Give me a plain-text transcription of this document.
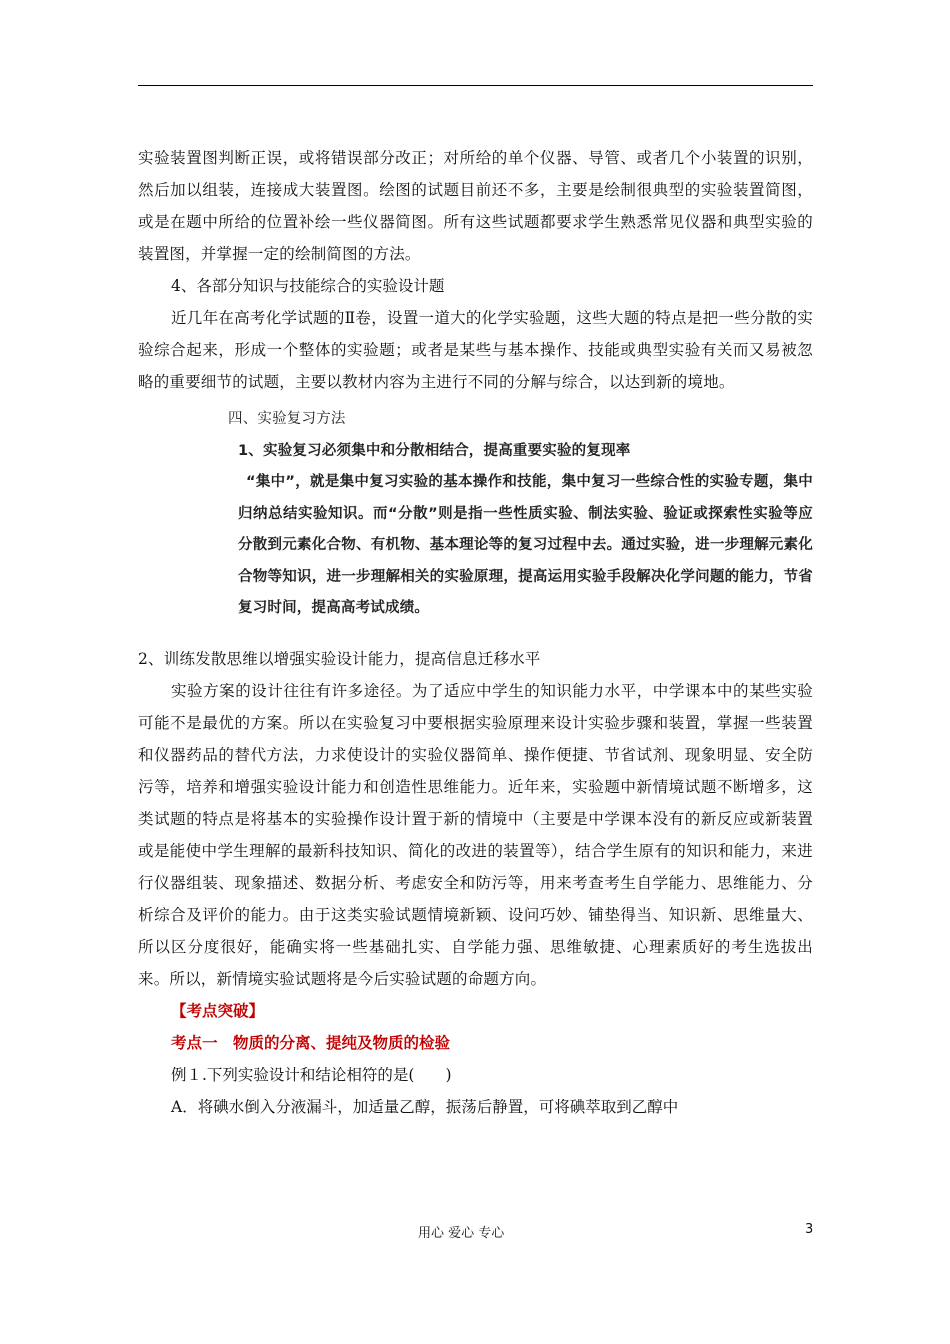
实验装置图判断正误，或将错误部分改正；对所给的单个仪器、导管、或者几个小装置的识别，然后加以组装，连接成大装置图。绘图的试题目前还不多，主要是绘制很典型的实验装置简图，或是在题中所给的位置补绘一些仪器简图。所有这些试题都要求学生熟悉常见仪器和典型实验的装置图，并掌握一定的绘制简图的方法。

4、各部分知识与技能综合的实验设计题

近几年在高考化学试题的Ⅱ卷，设置一道大的化学实验题，这些大题的特点是把一些分散的实验综合起来，形成一个整体的实验题；或者是某些与基本操作、技能或典型实验有关而又易被忽略的重要细节的试题，主要以教材内容为主进行不同的分解与综合，以达到新的境地。

四、实验复习方法

1、实验复习必须集中和分散相结合，提高重要实验的复现率

“集中”，就是集中复习实验的基本操作和技能，集中复习一些综合性的实验专题，集中归纳总结实验知识。而“分散”则是指一些性质实验、制法实验、验证或探索性实验等应分散到元素化合物、有机物、基本理论等的复习过程中去。通过实验，进一步理解元素化合物等知识，进一步理解相关的实验原理，提高运用实验手段解决化学问题的能力，节省复习时间，提高高考试成绩。

2、训练发散思维以增强实验设计能力，提高信息迁移水平

实验方案的设计往往有许多途径。为了适应中学生的知识能力水平，中学课本中的某些实验可能不是最优的方案。所以在实验复习中要根据实验原理来设计实验步骤和装置，掌握一些装置和仪器药品的替代方法，力求使设计的实验仪器简单、操作便捷、节省试剂、现象明显、安全防污等，培养和增强实验设计能力和创造性思维能力。近年来，实验题中新情境试题不断增多，这类试题的特点是将基本的实验操作设计置于新的情境中（主要是中学课本没有的新反应或新装置或是能使中学生理解的最新科技知识、简化的改进的装置等），结合学生原有的知识和能力，来进行仪器组装、现象描述、数据分析、考虑安全和防污等，用来考查考生自学能力、思维能力、分析综合及评价的能力。由于这类实验试题情境新颖、设问巧妙、铺垫得当、知识新、思维量大、所以区分度很好，能确实将一些基础扎实、自学能力强、思维敏捷、心理素质好的考生选拔出来。所以，新情境实验试题将是今后实验试题的命题方向。

【考点突破】

考点一　物质的分离、提纯及物质的检验

例１.下列实验设计和结论相符的是(　　)

A．将碘水倒入分液漏斗，加适量乙醇，振荡后静置，可将碘萃取到乙醇中

用心 爱心 专心	3
